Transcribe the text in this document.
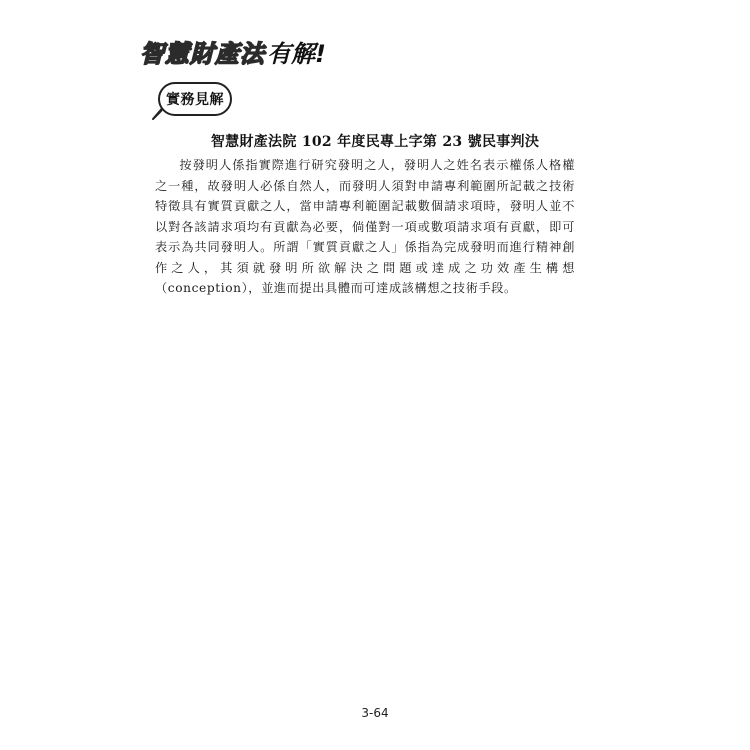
智慧財產法 有解!
實務見解
智慧財產法院 102 年度民專上字第 23 號民事判決

按發明人係指實際進行研究發明之人，發明人之姓名表示權係人格權之一種，故發明人必係自然人，而發明人須對申請專利範圍所記載之技術特徵具有實質貢獻之人，當申請專利範圍記載數個請求項時，發明人並不以對各該請求項均有貢獻為必要，倘僅對一項或數項請求項有貢獻，即可表示為共同發明人。所謂「實質貢獻之人」係指為完成發明而進行精神創作之人，其須就發明所欲解決之問題或達成之功效產生構想（conception），並進而提出具體而可達成該構想之技術手段。

3-64
